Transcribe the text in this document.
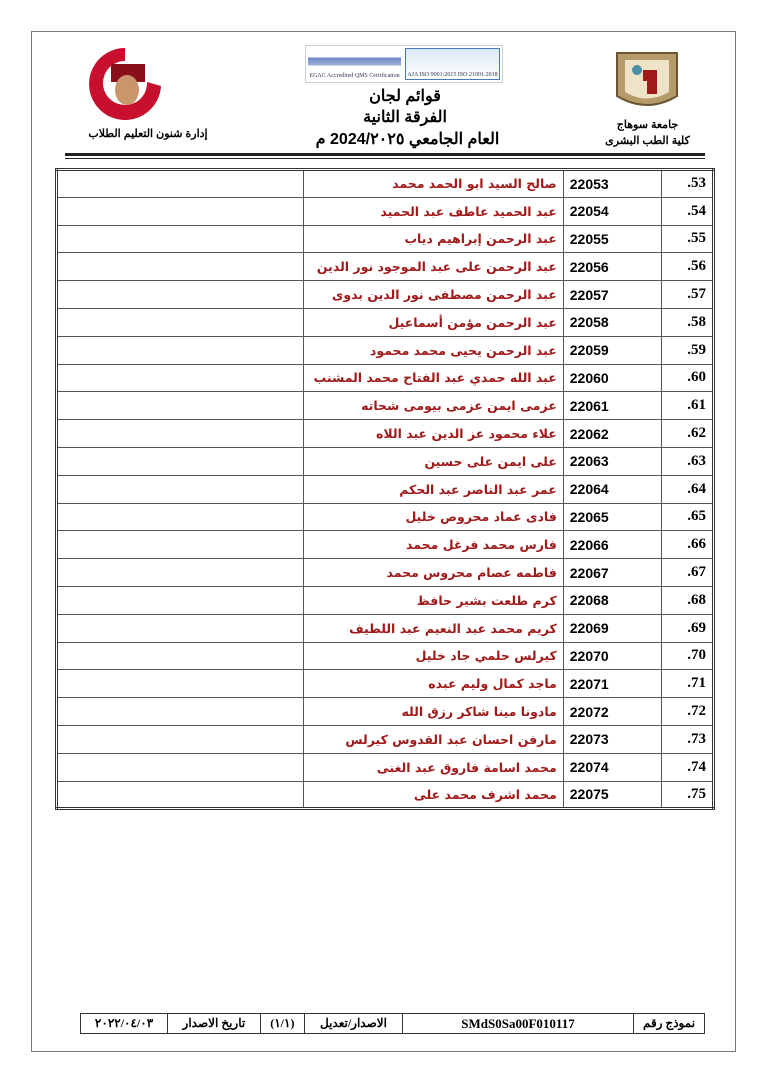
EGAC Accredited QMS Certification AJA ISO 9001:2015 ISO 21001:2018
قوائم لجان
الفرقة الثانية
العام الجامعي 2024/٢٠٢٥ م
إدارة شنون التعليم الطلاب
جامعة سوهاج
كلية الطب البشرى
	صالح السيد ابو الحمد محمد	22053	.53
	عبد الحميد عاطف عبد الحميد	22054	.54
	عبد الرحمن إبراهيم دياب	22055	.55
	عبد الرحمن على عبد الموجود نور الدين	22056	.56
	عبد الرحمن مصطفى نور الدين بدوى	22057	.57
	عبد الرحمن مؤمن أسماعيل	22058	.58
	عبد الرحمن يحيى محمد محمود	22059	.59
	عبد الله حمدي عبد الفتاح محمد المشنب	22060	.60
	عزمى ايمن عزمى بيومى شحاته	22061	.61
	علاء محمود عز الدين عبد اللاه	22062	.62
	على ايمن على حسين	22063	.63
	عمر عبد الناصر عبد الحكم	22064	.64
	فادى عماد محروص خليل	22065	.65
	فارس محمد فرغل محمد	22066	.66
	فاطمه عصام محروس محمد	22067	.67
	كرم طلعت بشير حافظ	22068	.68
	كريم محمد عبد النعيم عبد اللطيف	22069	.69
	كيرلس حلمي جاد خليل	22070	.70
	ماجد كمال وليم عبده	22071	.71
	مادونا مينا شاكر رزق الله	22072	.72
	مارفن احسان عبد القدوس كيرلس	22073	.73
	محمد اسامة فاروق عبد الغنى	22074	.74
	محمد اشرف محمد على	22075	.75
نموذج رقم	SMdS0Sa00F010117	الاصدار/تعديل	(١/١)	تاريخ الاصدار	٢٠٢٢/٠٤/٠٣
